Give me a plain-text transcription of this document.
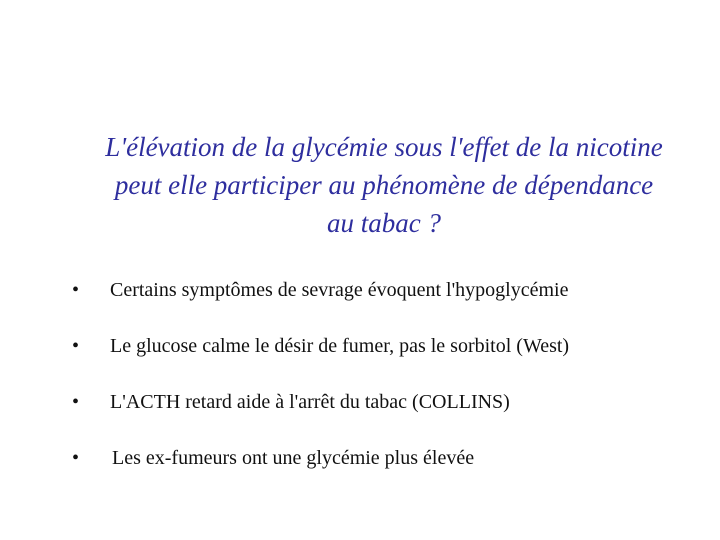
L'élévation de la glycémie sous l'effet de la nicotine peut elle participer au phénomène de dépendance au tabac ?
•	Certains symptômes de sevrage évoquent l'hypoglycémie
•	Le glucose calme le désir de fumer, pas le sorbitol (West)
•	L'ACTH retard aide à l'arrêt du tabac (COLLINS)
•	Les ex-fumeurs ont une glycémie plus élevée
